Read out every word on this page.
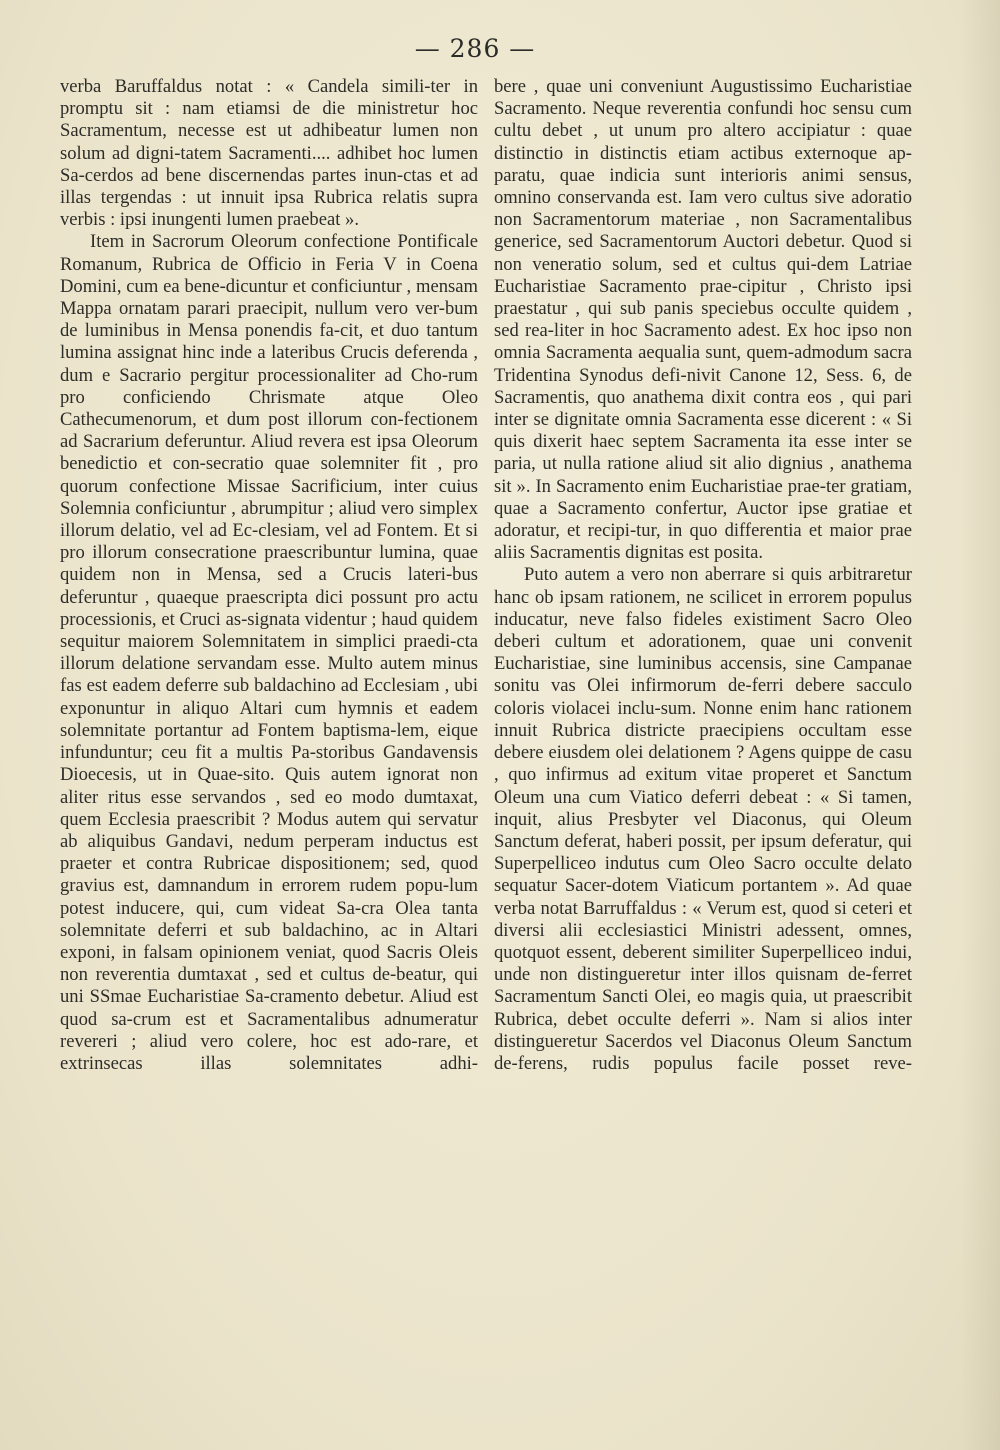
— 286 —

verba Baruffaldus notat : « Candela simili-ter in promptu sit : nam etiamsi de die ministretur hoc Sacramentum, necesse est ut adhibeatur lumen non solum ad digni-tatem Sacramenti.... adhibet hoc lumen Sa-cerdos ad bene discernendas partes inun-ctas et ad illas tergendas : ut innuit ipsa Rubrica relatis supra verbis : ipsi inungenti lumen praebeat ».

Item in Sacrorum Oleorum confectione Pontificale Romanum, Rubrica de Officio in Feria V in Coena Domini, cum ea bene-dicuntur et conficiuntur , mensam Mappa ornatam parari praecipit, nullum vero ver-bum de luminibus in Mensa ponendis fa-cit, et duo tantum lumina assignat hinc inde a lateribus Crucis deferenda , dum e Sacrario pergitur processionaliter ad Cho-rum pro conficiendo Chrismate atque Oleo Cathecumenorum, et dum post illorum con-fectionem ad Sacrarium deferuntur. Aliud revera est ipsa Oleorum benedictio et con-secratio quae solemniter fit , pro quorum confectione Missae Sacrificium, inter cuius Solemnia conficiuntur , abrumpitur ; aliud vero simplex illorum delatio, vel ad Ec-clesiam, vel ad Fontem. Et si pro illorum consecratione praescribuntur lumina, quae quidem non in Mensa, sed a Crucis lateri-bus deferuntur , quaeque praescripta dici possunt pro actu processionis, et Cruci as-signata videntur ; haud quidem sequitur maiorem Solemnitatem in simplici praedi-cta illorum delatione servandam esse. Multo autem minus fas est eadem deferre sub baldachino ad Ecclesiam , ubi exponuntur in aliquo Altari cum hymnis et eadem solemnitate portantur ad Fontem baptisma-lem, eique infunduntur; ceu fit a multis Pa-storibus Gandavensis Dioecesis, ut in Quae-sito. Quis autem ignorat non aliter ritus esse servandos , sed eo modo dumtaxat, quem Ecclesia praescribit ? Modus autem qui servatur ab aliquibus Gandavi, nedum perperam inductus est praeter et contra Rubricae dispositionem; sed, quod gravius est, damnandum in errorem rudem popu-lum potest inducere, qui, cum videat Sa-cra Olea tanta solemnitate deferri et sub baldachino, ac in Altari exponi, in falsam opinionem veniat, quod Sacris Oleis non reverentia dumtaxat , sed et cultus de-beatur, qui uni SSmae Eucharistiae Sa-cramento debetur. Aliud est quod sa-crum est et Sacramentalibus adnumeratur revereri ; aliud vero colere, hoc est ado-rare, et extrinsecas illas solemnitates adhi-

bere , quae uni conveniunt Augustissimo Eucharistiae Sacramento. Neque reverentia confundi hoc sensu cum cultu debet , ut unum pro altero accipiatur : quae distinctio in distinctis etiam actibus externoque ap-paratu, quae indicia sunt interioris animi sensus, omnino conservanda est. Iam vero cultus sive adoratio non Sacramentorum materiae , non Sacramentalibus generice, sed Sacramentorum Auctori debetur. Quod si non veneratio solum, sed et cultus qui-dem Latriae Eucharistiae Sacramento prae-cipitur , Christo ipsi praestatur , qui sub panis speciebus occulte quidem , sed rea-liter in hoc Sacramento adest. Ex hoc ipso non omnia Sacramenta aequalia sunt, quem-admodum sacra Tridentina Synodus defi-nivit Canone 12, Sess. 6, de Sacramentis, quo anathema dixit contra eos , qui pari inter se dignitate omnia Sacramenta esse dicerent : « Si quis dixerit haec septem Sacramenta ita esse inter se paria, ut nulla ratione aliud sit alio dignius , anathema sit ». In Sacramento enim Eucharistiae prae-ter gratiam, quae a Sacramento confertur, Auctor ipse gratiae et adoratur, et recipi-tur, in quo differentia et maior prae aliis Sacramentis dignitas est posita.

Puto autem a vero non aberrare si quis arbitraretur hanc ob ipsam rationem, ne scilicet in errorem populus inducatur, neve falso fideles existiment Sacro Oleo deberi cultum et adorationem, quae uni convenit Eucharistiae, sine luminibus accensis, sine Campanae sonitu vas Olei infirmorum de-ferri debere sacculo coloris violacei inclu-sum. Nonne enim hanc rationem innuit Rubrica districte praecipiens occultam esse debere eiusdem olei delationem ? Agens quippe de casu , quo infirmus ad exitum vitae properet et Sanctum Oleum una cum Viatico deferri debeat : « Si tamen, inquit, alius Presbyter vel Diaconus, qui Oleum Sanctum deferat, haberi possit, per ipsum deferatur, qui Superpelliceo indutus cum Oleo Sacro occulte delato sequatur Sacer-dotem Viaticum portantem ». Ad quae verba notat Barruffaldus : « Verum est, quod si ceteri et diversi alii ecclesiastici Ministri adessent, omnes, quotquot essent, deberent similiter Superpelliceo indui, unde non distingueretur inter illos quisnam de-ferret Sacramentum Sancti Olei, eo magis quia, ut praescribit Rubrica, debet occulte deferri ». Nam si alios inter distingueretur Sacerdos vel Diaconus Oleum Sanctum de-ferens, rudis populus facile posset reve-
